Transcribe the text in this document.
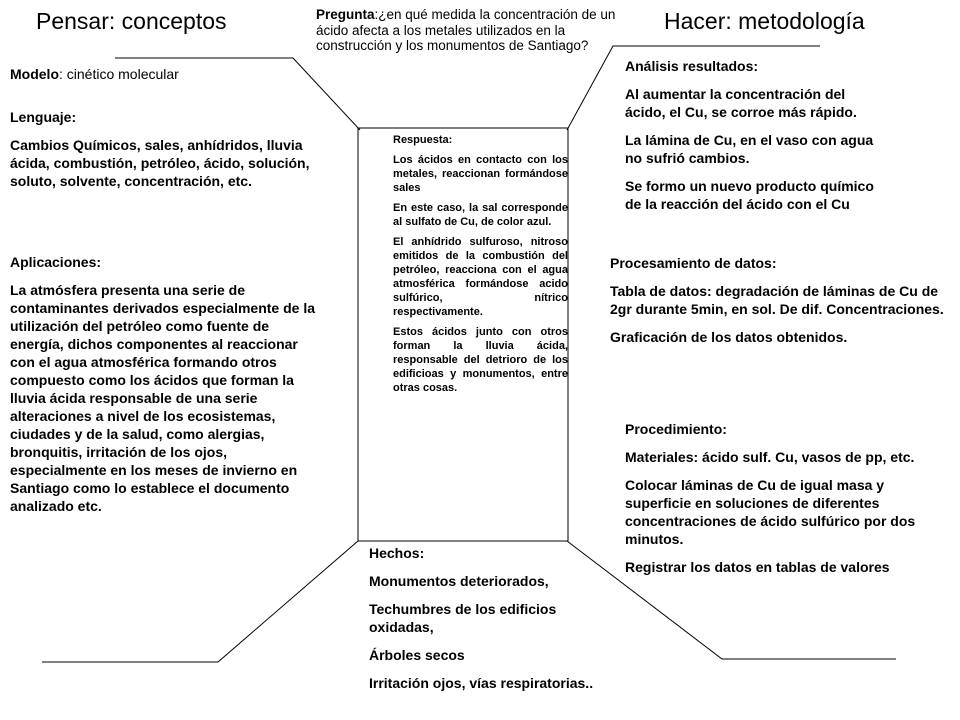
Pensar: conceptos	Hacer: metodología
Pregunta:¿en qué medida la concentración de un ácido afecta a los metales utilizados en la construcción y los monumentos de Santiago?
Modelo: cinético molecular

Lenguaje:

Cambios Químicos, sales, anhídridos, lluvia ácida, combustión, petróleo, ácido, solución, soluto, solvente, concentración, etc.

Aplicaciones:

La atmósfera presenta una serie de contaminantes derivados especialmente de la utilización del petróleo como fuente de energía, dichos componentes al reaccionar con el agua atmosférica formando otros compuesto como los ácidos que forman la lluvia ácida responsable de una serie alteraciones a nivel de los ecosistemas, ciudades y de la salud, como alergias, bronquitis, irritación de los ojos, especialmente en los meses de invierno en Santiago como lo establece el documento analizado etc.

Respuesta:

Los ácidos en contacto con los metales, reaccionan formándose sales

En este caso, la sal corresponde al sulfato de Cu, de color azul.

El anhídrido sulfuroso, nitroso emitidos de la combustión del petróleo, reacciona con el agua atmosférica formándose acido sulfúrico, nítrico respectivamente.

Estos ácidos junto con otros forman la lluvia ácida, responsable del detrioro de los edificioas y monumentos, entre otras cosas.

Hechos:

Monumentos deteriorados,

Techumbres de los edificios oxidadas,

Árboles secos

Irritación ojos, vías respiratorias..

Análisis resultados:

Al aumentar la concentración del ácido, el Cu, se corroe más rápido.

La lámina de Cu, en el vaso con agua no sufrió cambios.

Se formo un nuevo producto químico de la reacción del ácido con el Cu

Procesamiento de datos:

Tabla de datos: degradación de láminas de Cu de 2gr durante 5min, en sol. De dif. Concentraciones.

Graficación de los datos obtenidos.

Procedimiento:

Materiales: ácido sulf. Cu, vasos de pp, etc.

Colocar láminas de Cu de igual masa y superficie en soluciones de diferentes concentraciones de ácido sulfúrico por dos minutos.

Registrar los datos en tablas de valores
